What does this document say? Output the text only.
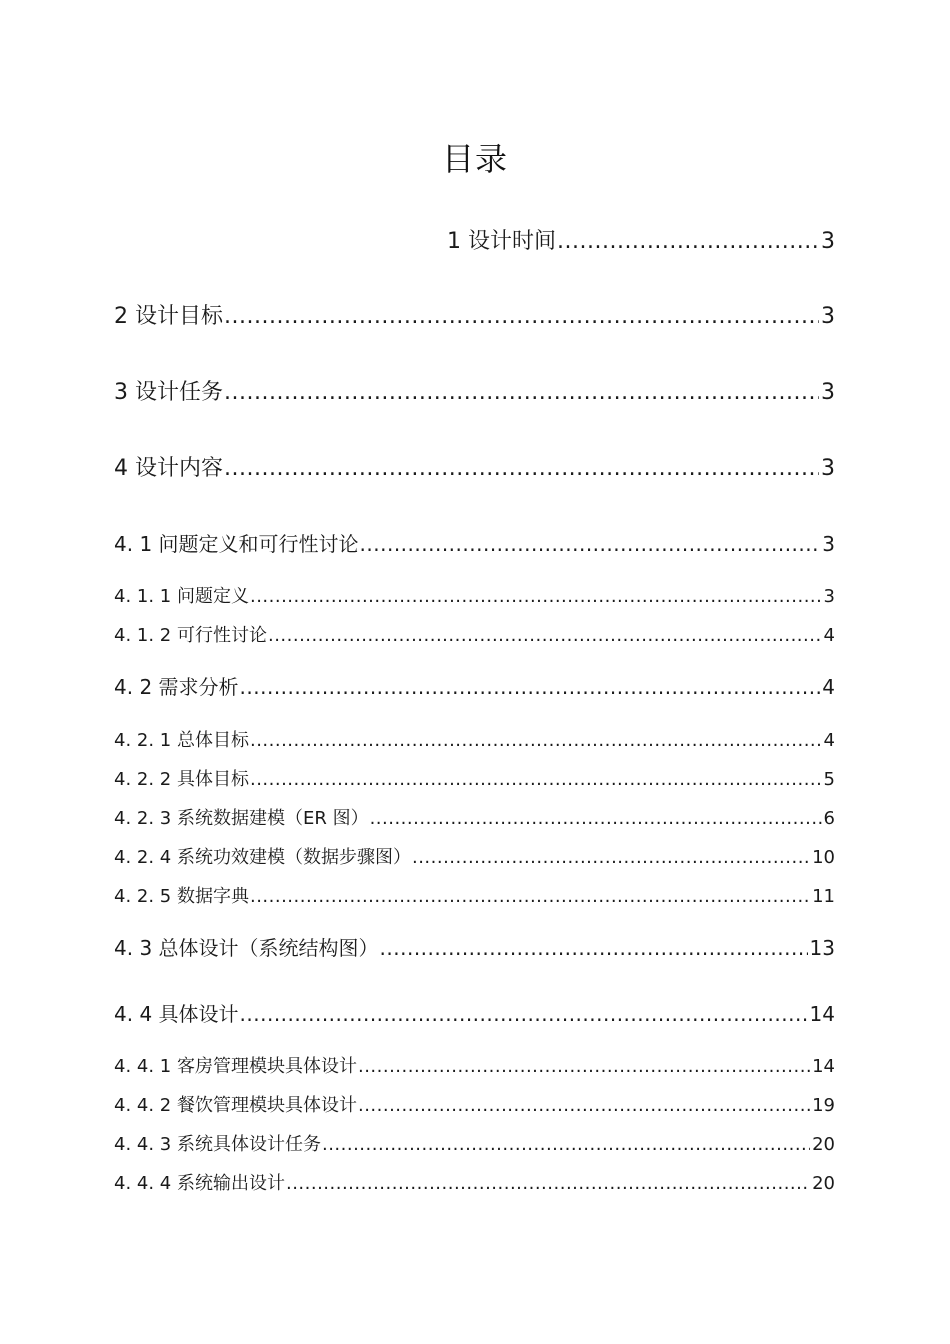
目录
1 设计时间 .....	3
2 设计目标 .....	3
3 设计任务 .....	3
4 设计内容 .....	3
4. 1 问题定义和可行性讨论 .....	3
4. 1. 1 问题定义 .....	3
4. 1. 2 可行性讨论 .....	4
4. 2 需求分析 .....	4
4. 2. 1 总体目标 .....	4
4. 2. 2 具体目标 .....	5
4. 2. 3 系统数据建模（ER 图） .....	6
4. 2. 4 系统功效建模（数据步骤图） .....	10
4. 2. 5 数据字典 .....	11
4. 3 总体设计（系统结构图） .....	13
4. 4 具体设计 .....	14
4. 4. 1 客房管理模块具体设计 .....	14
4. 4. 2 餐饮管理模块具体设计 .....	19
4. 4. 3 系统具体设计任务 .....	20
4. 4. 4 系统输出设计 .....	20
